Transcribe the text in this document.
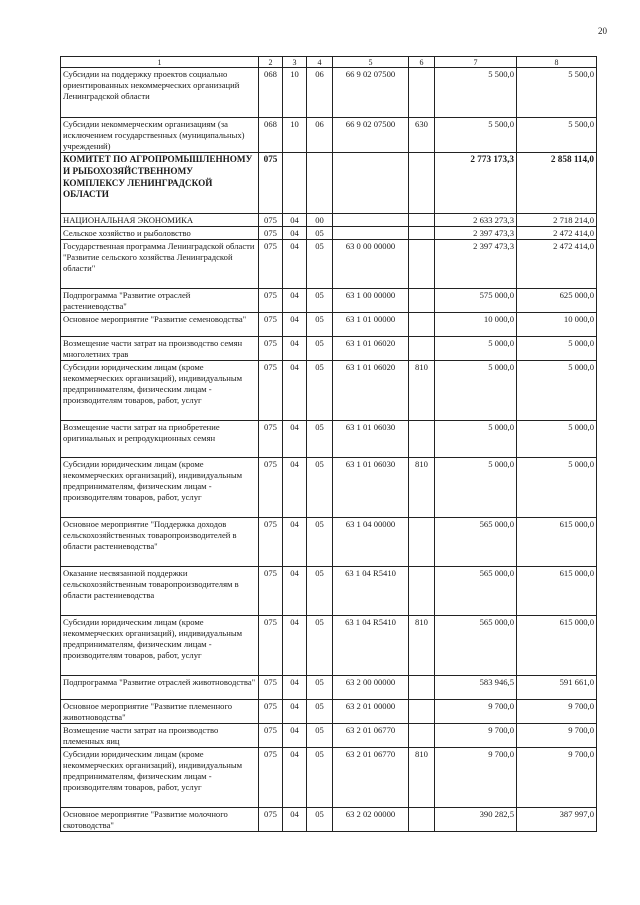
20
1	2	3	4	5	6	7	8
Субсидии на поддержку проектов социально ориентированных некоммерческих организаций Ленинградской области	068	10	06	66 9 02 07500		5 500,0	5 500,0
Субсидии некоммерческим организациям (за исключением государственных (муниципальных) учреждений)	068	10	06	66 9 02 07500	630	5 500,0	5 500,0
КОМИТЕТ ПО АГРОПРОМЫШЛЕННОМУ И РЫБОХОЗЯЙСТВЕННОМУ КОМПЛЕКСУ ЛЕНИНГРАДСКОЙ ОБЛАСТИ	075					2 773 173,3	2 858 114,0
НАЦИОНАЛЬНАЯ ЭКОНОМИКА	075	04	00			2 633 273,3	2 718 214,0
Сельское хозяйство и рыболовство	075	04	05			2 397 473,3	2 472 414,0
Государственная программа Ленинградской области "Развитие сельского хозяйства Ленинградской области"	075	04	05	63 0 00 00000		2 397 473,3	2 472 414,0
Подпрограмма "Развитие отраслей растениеводства"	075	04	05	63 1 00 00000		575 000,0	625 000,0
Основное мероприятие "Развитие семеноводства"	075	04	05	63 1 01 00000		10 000,0	10 000,0
Возмещение части затрат на производство семян многолетних трав	075	04	05	63 1 01 06020		5 000,0	5 000,0
Субсидии юридическим лицам (кроме некоммерческих организаций), индивидуальным предпринимателям, физическим лицам - производителям товаров, работ, услуг	075	04	05	63 1 01 06020	810	5 000,0	5 000,0
Возмещение части затрат на приобретение оригинальных и репродукционных семян	075	04	05	63 1 01 06030		5 000,0	5 000,0
Субсидии юридическим лицам (кроме некоммерческих организаций), индивидуальным предпринимателям, физическим лицам - производителям товаров, работ, услуг	075	04	05	63 1 01 06030	810	5 000,0	5 000,0
Основное мероприятие "Поддержка доходов сельскохозяйственных товаропроизводителей в области растениеводства"	075	04	05	63 1 04 00000		565 000,0	615 000,0
Оказание несвязанной поддержки сельскохозяйственным товаропроизводителям в области растениеводства	075	04	05	63 1 04 R5410		565 000,0	615 000,0
Субсидии юридическим лицам (кроме некоммерческих организаций), индивидуальным предпринимателям, физическим лицам - производителям товаров, работ, услуг	075	04	05	63 1 04 R5410	810	565 000,0	615 000,0
Подпрограмма "Развитие отраслей животноводства"	075	04	05	63 2 00 00000		583 946,5	591 661,0
Основное мероприятие "Развитие племенного животноводства"	075	04	05	63 2 01 00000		9 700,0	9 700,0
Возмещение части затрат на производство племенных яиц	075	04	05	63 2 01 06770		9 700,0	9 700,0
Субсидии юридическим лицам (кроме некоммерческих организаций), индивидуальным предпринимателям, физическим лицам - производителям товаров, работ, услуг	075	04	05	63 2 01 06770	810	9 700,0	9 700,0
Основное мероприятие "Развитие молочного скотоводства"	075	04	05	63 2 02 00000		390 282,5	387 997,0
